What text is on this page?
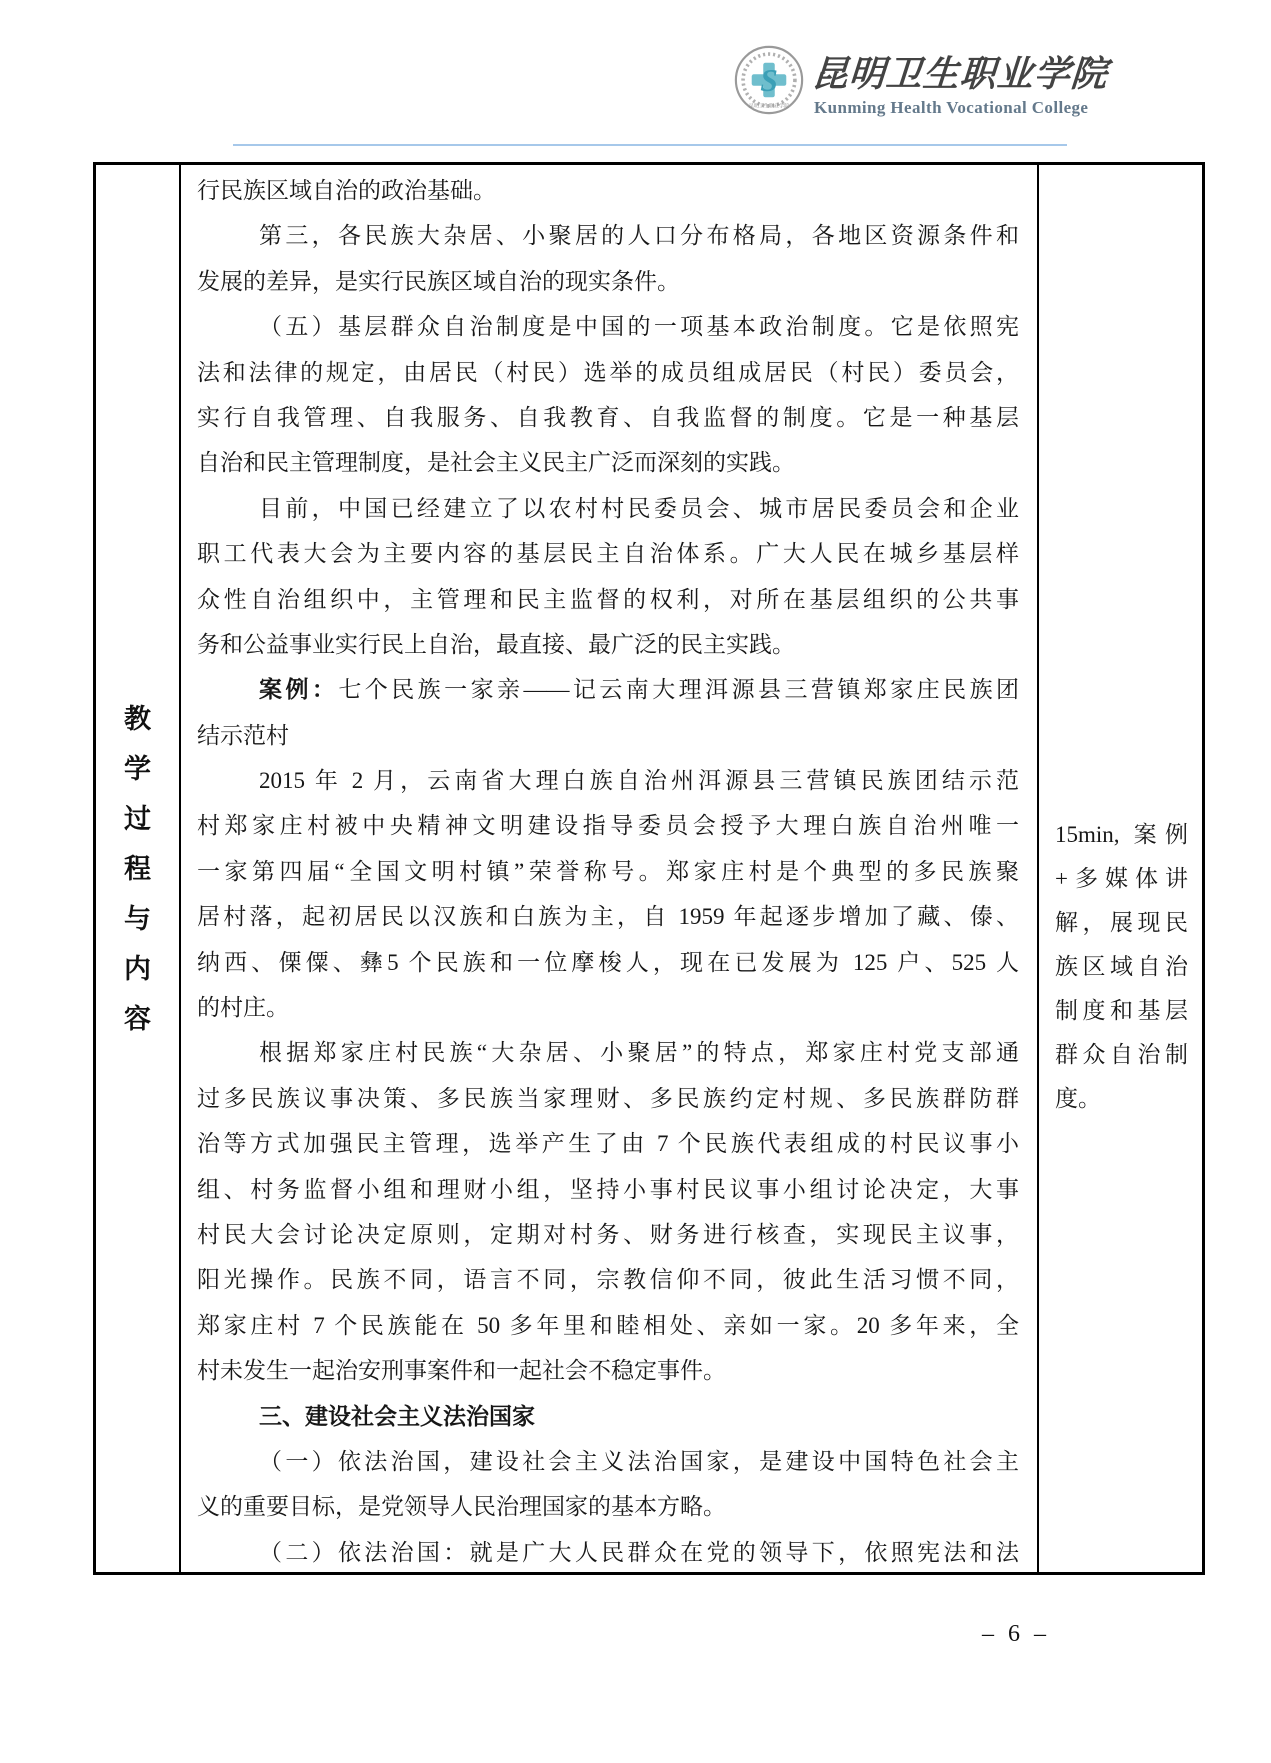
S
昆明卫生职业学院
昆明卫生职业学院
Kunming Health Vocational College
教
学
过
程
与
内
容
行民族区域自治的政治基础。
第三，各民族大杂居、小聚居的人口分布格局，各地区资源条件和
发展的差异，是实行民族区域自治的现实条件。
（五）基层群众自治制度是中国的一项基本政治制度。它是依照宪
法和法律的规定，由居民（村民）选举的成员组成居民（村民）委员会，
实行自我管理、自我服务、自我教育、自我监督的制度。它是一种基层
自治和民主管理制度，是社会主义民主广泛而深刻的实践。
目前，中国已经建立了以农村村民委员会、城市居民委员会和企业
职工代表大会为主要内容的基层民主自治体系。广大人民在城乡基层样
众性自治组织中，主管理和民主监督的权利，对所在基层组织的公共事
务和公益事业实行民上自治，最直接、最广泛的民主实践。
案例：七个民族一家亲——记云南大理洱源县三营镇郑家庄民族团
结示范村
2015 年 2 月，云南省大理白族自治州洱源县三营镇民族团结示范
村郑家庄村被中央精神文明建设指导委员会授予大理白族自治州唯一
一家第四届“全国文明村镇”荣誉称号。郑家庄村是个典型的多民族聚
居村落，起初居民以汉族和白族为主，自 1959 年起逐步增加了藏、傣、
纳西、傈僳、彝5 个民族和一位摩梭人，现在已发展为 125 户、525 人
的村庄。
根据郑家庄村民族“大杂居、小聚居”的特点，郑家庄村党支部通
过多民族议事决策、多民族当家理财、多民族约定村规、多民族群防群
治等方式加强民主管理，选举产生了由 7 个民族代表组成的村民议事小
组、村务监督小组和理财小组，坚持小事村民议事小组讨论决定，大事
村民大会讨论决定原则，定期对村务、财务进行核查，实现民主议事，
阳光操作。民族不同，语言不同，宗教信仰不同，彼此生活习惯不同，
郑家庄村 7 个民族能在 50 多年里和睦相处、亲如一家。20 多年来，全
村未发生一起治安刑事案件和一起社会不稳定事件。
三、建设社会主义法治国家
（一）依法治国，建设社会主义法治国家，是建设中国特色社会主
义的重要目标，是党领导人民治理国家的基本方略。
（二）依法治国：就是广大人民群众在党的领导下，依照宪法和法
15min, 案例+多媒体讲解，展现民族区域自治制度和基层群众自治制度。
– 6 –
